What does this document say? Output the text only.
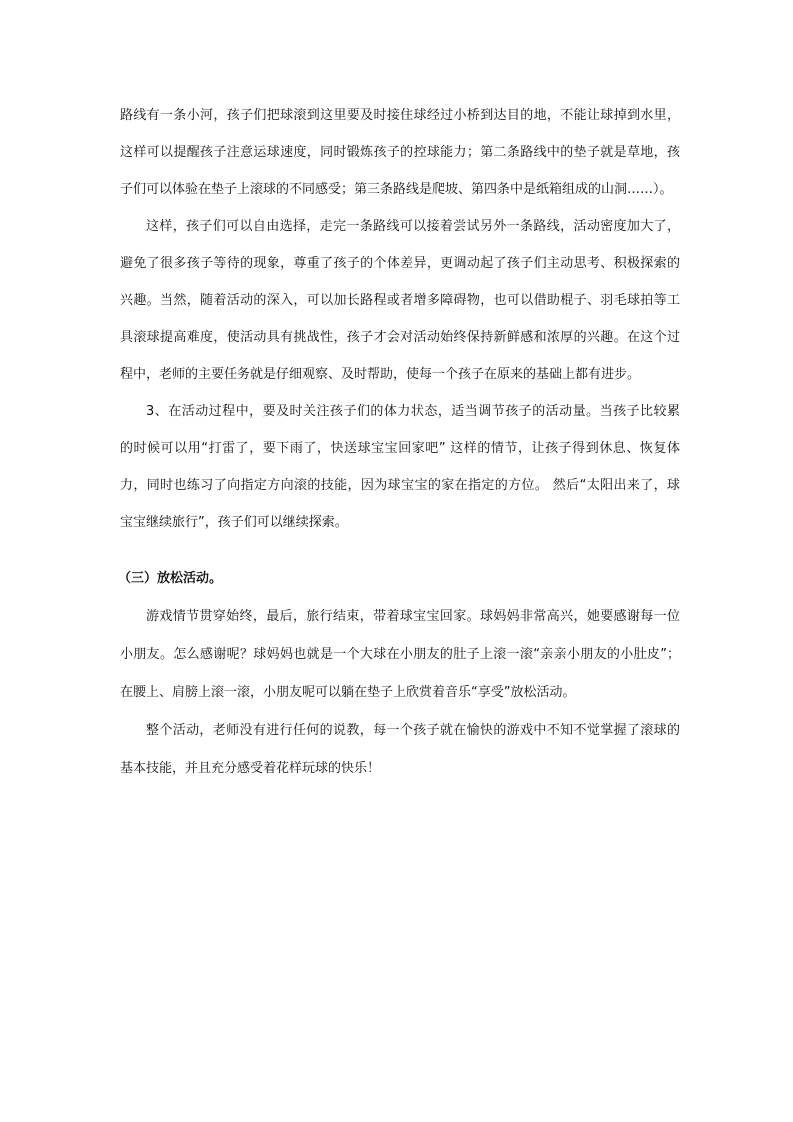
路线有一条小河，孩子们把球滚到这里要及时接住球经过小桥到达目的地，不能让球掉到水里，
这样可以提醒孩子注意运球速度，同时锻炼孩子的控球能力；第二条路线中的垫子就是草地，孩
子们可以体验在垫子上滚球的不同感受；第三条路线是爬坡、第四条中是纸箱组成的山洞……）。
这样，孩子们可以自由选择，走完一条路线可以接着尝试另外一条路线，活动密度加大了，
避免了很多孩子等待的现象，尊重了孩子的个体差异，更调动起了孩子们主动思考、积极探索的
兴趣。当然，随着活动的深入，可以加长路程或者增多障碍物，也可以借助棍子、羽毛球拍等工
具滚球提高难度，使活动具有挑战性，孩子才会对活动始终保持新鲜感和浓厚的兴趣。在这个过
程中，老师的主要任务就是仔细观察、及时帮助，使每一个孩子在原来的基础上都有进步。
3、在活动过程中，要及时关注孩子们的体力状态，适当调节孩子的活动量。当孩子比较累
的时候可以用“打雷了，要下雨了，快送球宝宝回家吧” 这样的情节，让孩子得到休息、恢复体
力，同时也练习了向指定方向滚的技能，因为球宝宝的家在指定的方位。 然后“太阳出来了，球
宝宝继续旅行”，孩子们可以继续探索。
（三）放松活动。
游戏情节贯穿始终，最后，旅行结束，带着球宝宝回家。球妈妈非常高兴，她要感谢每一位
小朋友。怎么感谢呢？球妈妈也就是一个大球在小朋友的肚子上滚一滚“亲亲小朋友的小肚皮”；
在腰上、肩膀上滚一滚，小朋友呢可以躺在垫子上欣赏着音乐“享受”放松活动。
整个活动，老师没有进行任何的说教，每一个孩子就在愉快的游戏中不知不觉掌握了滚球的
基本技能，并且充分感受着花样玩球的快乐！
